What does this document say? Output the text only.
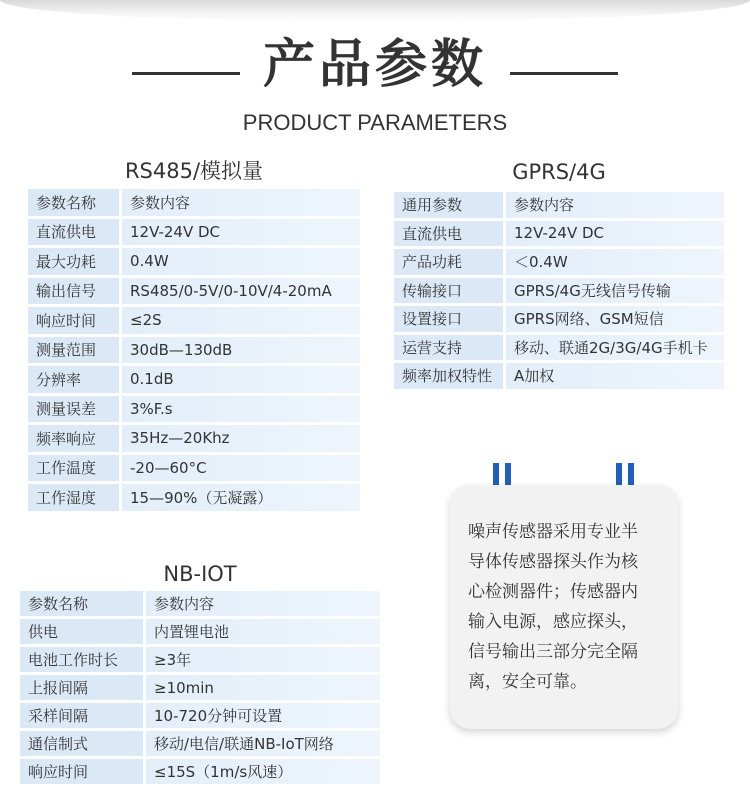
产品参数
PRODUCT PARAMETERS
RS485/模拟量
参数名称	参数内容
直流供电	12V-24V DC
最大功耗	0.4W
输出信号	RS485/0-5V/0-10V/4-20mA
响应时间	≤2S
测量范围	30dB—130dB
分辨率	0.1dB
测量误差	3%F.s
频率响应	35Hz—20Khz
工作温度	-20—60°C
工作湿度	15—90%（无凝露）
GPRS/4G
通用参数	参数内容
直流供电	12V-24V DC
产品功耗	＜0.4W
传输接口	GPRS/4G无线信号传输
设置接口	GPRS网络、GSM短信
运营支持	移动、联通2G/3G/4G手机卡
频率加权特性	A加权
NB-IOT
参数名称	参数内容
供电	内置锂电池
电池工作时长	≥3年
上报间隔	≥10min
采样间隔	10-720分钟可设置
通信制式	移动/电信/联通NB-IoT网络
响应时间	≤15S（1m/s风速）
噪声传感器采用专业半
导体传感器探头作为核
心检测器件；传感器内
输入电源，感应探头，
信号输出三部分完全隔
离，安全可靠。
